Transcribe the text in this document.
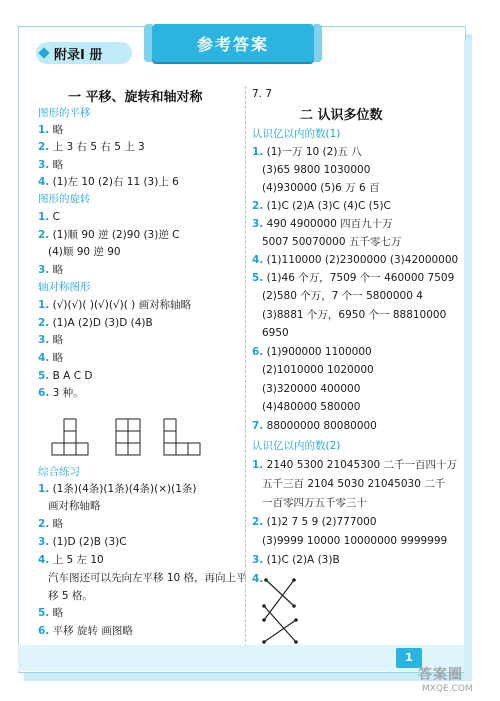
参考答案
附录Ⅰ 册
一 平移、旋转和轴对称
图形的平移
1. 略
2. 上 3 右 5 右 5 上 3
3. 略
4. (1)左 10 (2)右 11 (3)上 6
图形的旋转
1. C
2. (1)顺 90 逆 (2)90 (3)逆 C
(4)顺 90 逆 90
3. 略
轴对称图形
1. (√)(√)( )(√)(√)( ) 画对称轴略
2. (1)A (2)D (3)D (4)B
3. 略
4. 略
5. B A C D
6. 3 种。
综合练习
1. (1条)(4条)(1条)(4条)(×)(1条)
画对称轴略
2. 略
3. (1)D (2)B (3)C
4. 上 5 左 10
汽车图还可以先向左平移 10 格，再向上平
移 5 格。
5. 略
6. 平移 旋转 画图略
7. 7
二 认识多位数
认识亿以内的数(1)
1. (1)一万 10 (2)五 八
(3)65 9800 1030000
(4)930000 (5)6 万 6 百
2. (1)C (2)A (3)C (4)C (5)C
3. 490 4900000 四百九十万
5007 50070000 五千零七万
4. (1)110000 (2)2300000 (3)42000000
5. (1)46 个万，7509 个一 460000 7509
(2)580 个万，7 个一 5800000 4
(3)8881 个万，6950 个一 88810000
6950
6. (1)900000 1100000
(2)1010000 1020000
(3)320000 400000
(4)480000 580000
7. 88000000 80080000
认识亿以内的数(2)
1. 2140 5300 21045300 二千一百四十万
五千三百 2104 5030 21045030 二千
一百零四万五千零三十
2. (1)2 7 5 9 (2)777000
(3)9999 10000 10000000 9999999
3. (1)C (2)A (3)B
4.
1
答案圈
MXQE.COM
